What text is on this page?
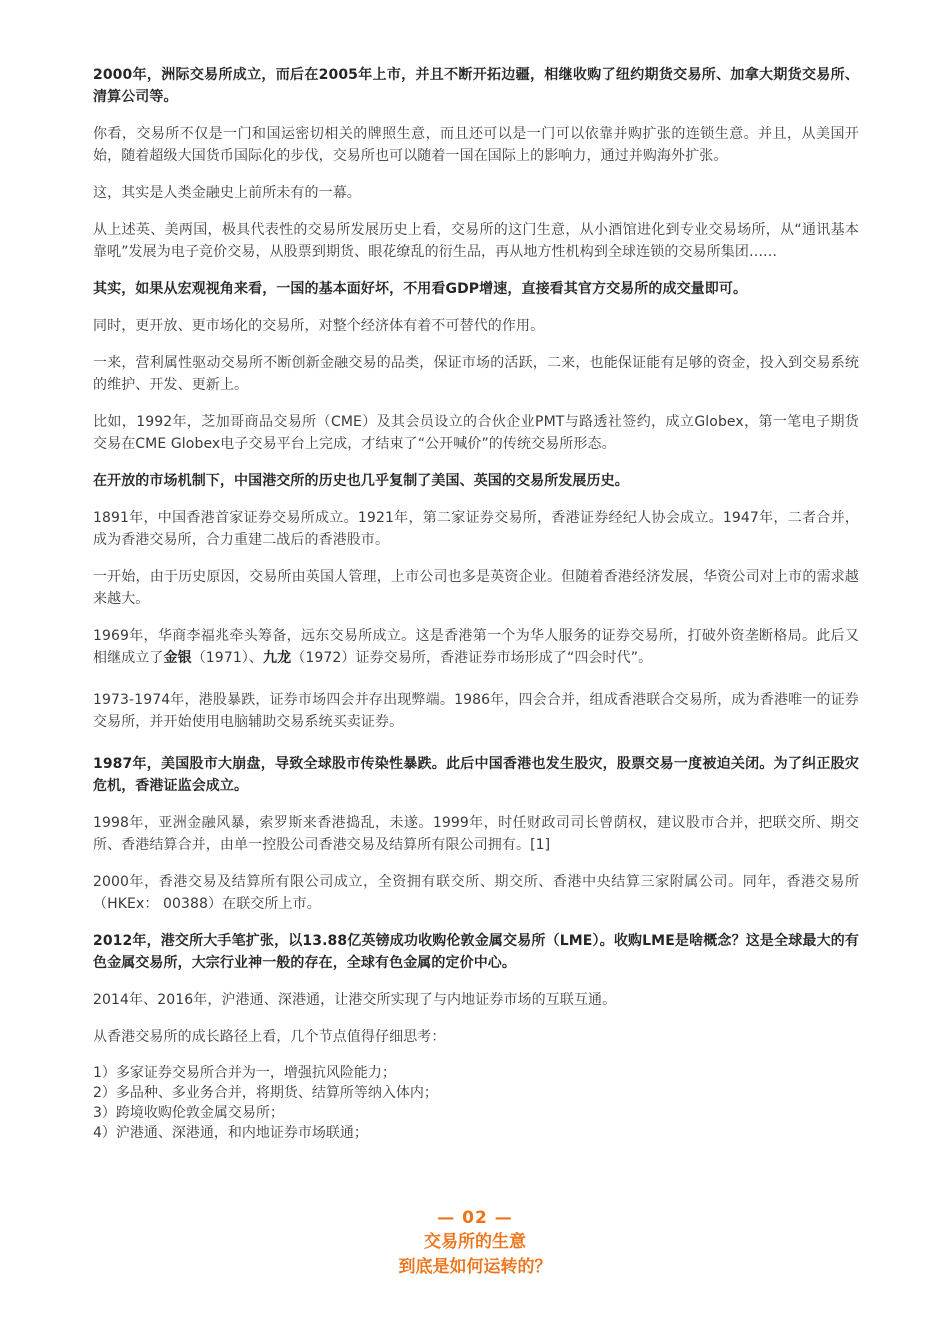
2000年，洲际交易所成立，而后在2005年上市，并且不断开拓边疆，相继收购了纽约期货交易所、加拿大期货交易所、清算公司等。

你看，交易所不仅是一门和国运密切相关的牌照生意，而且还可以是一门可以依靠并购扩张的连锁生意。并且，从美国开始，随着超级大国货币国际化的步伐，交易所也可以随着一国在国际上的影响力，通过并购海外扩张。

这，其实是人类金融史上前所未有的一幕。

从上述英、美两国，极具代表性的交易所发展历史上看，交易所的这门生意，从小酒馆进化到专业交易场所，从“通讯基本靠吼”发展为电子竞价交易，从股票到期货、眼花缭乱的衍生品，再从地方性机构到全球连锁的交易所集团……

其实，如果从宏观视角来看，一国的基本面好坏，不用看GDP增速，直接看其官方交易所的成交量即可。

同时，更开放、更市场化的交易所，对整个经济体有着不可替代的作用。

一来，营利属性驱动交易所不断创新金融交易的品类，保证市场的活跃，二来，也能保证能有足够的资金，投入到交易系统的维护、开发、更新上。

比如，1992年，芝加哥商品交易所（CME）及其会员设立的合伙企业PMT与路透社签约，成立Globex，第一笔电子期货交易在CME Globex电子交易平台上完成，才结束了“公开喊价”的传统交易所形态。

在开放的市场机制下，中国港交所的历史也几乎复制了美国、英国的交易所发展历史。

1891年，中国香港首家证券交易所成立。1921年，第二家证券交易所，香港证券经纪人协会成立。1947年，二者合并，成为香港交易所，合力重建二战后的香港股市。

一开始，由于历史原因，交易所由英国人管理，上市公司也多是英资企业。但随着香港经济发展，华资公司对上市的需求越来越大。

1969年，华商李福兆牵头筹备，远东交易所成立。这是香港第一个为华人服务的证券交易所，打破外资垄断格局。此后又相继成立了金银（1971）、九龙（1972）证券交易所，香港证券市场形成了“四会时代”。

1973-1974年，港股暴跌，证券市场四会并存出现弊端。1986年，四会合并，组成香港联合交易所，成为香港唯一的证券交易所，并开始使用电脑辅助交易系统买卖证券。

1987年，美国股市大崩盘，导致全球股市传染性暴跌。此后中国香港也发生股灾，股票交易一度被迫关闭。为了纠正股灾危机，香港证监会成立。

1998年，亚洲金融风暴，索罗斯来香港捣乱，未遂。1999年，时任财政司司长曾荫权，建议股市合并，把联交所、期交所、香港结算合并，由单一控股公司香港交易及结算所有限公司拥有。[1]

2000年，香港交易及结算所有限公司成立，全资拥有联交所、期交所、香港中央结算三家附属公司。同年，香港交易所（HKEx： 00388）在联交所上市。

2012年，港交所大手笔扩张，以13.88亿英镑成功收购伦敦金属交易所（LME）。收购LME是啥概念？这是全球最大的有色金属交易所，大宗行业神一般的存在，全球有色金属的定价中心。

2014年、2016年，沪港通、深港通，让港交所实现了与内地证券市场的互联互通。

从香港交易所的成长路径上看，几个节点值得仔细思考：

1）多家证券交易所合并为一，增强抗风险能力；

2）多品种、多业务合并，将期货、结算所等纳入体内；

3）跨境收购伦敦金属交易所；

4）沪港通、深港通，和内地证券市场联通；

— 02 —
交易所的生意
到底是如何运转的？
